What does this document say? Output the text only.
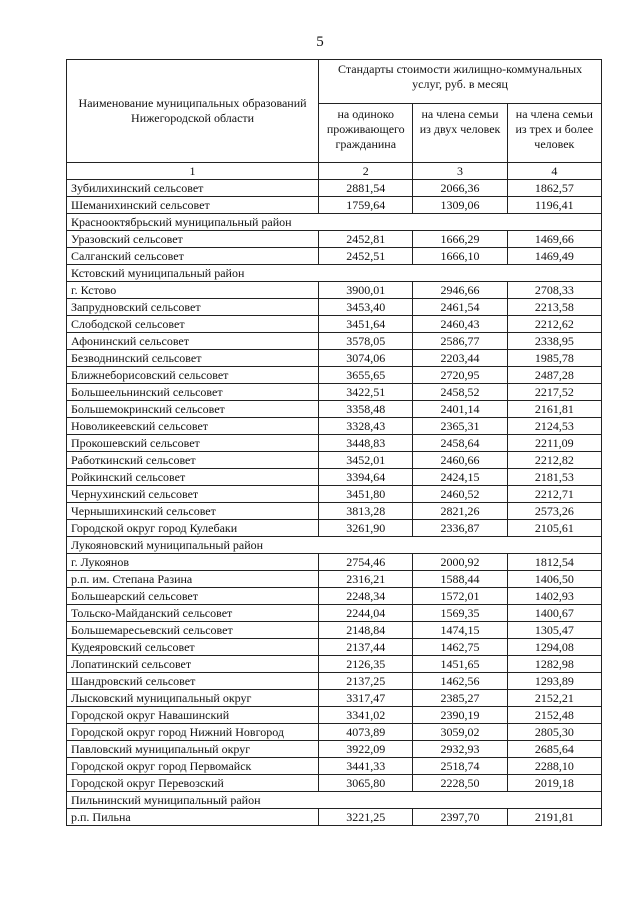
5
Наименование муниципальных образований Нижегородской области	Стандарты стоимости жилищно-коммунальных услуг, руб. в месяц		
	на одиноко проживающего гражданина	на члена семьи из двух человек	на члена семьи из трех и более человек
1	2	3	4
Зубилихинский сельсовет	2881,54	2066,36	1862,57
Шеманихинский сельсовет	1759,64	1309,06	1196,41
Краснооктябрьский муниципальный район			
Уразовский сельсовет	2452,81	1666,29	1469,66
Салганский сельсовет	2452,51	1666,10	1469,49
Кстовский муниципальный район			
г. Кстово	3900,01	2946,66	2708,33
Запрудновский сельсовет	3453,40	2461,54	2213,58
Слободской сельсовет	3451,64	2460,43	2212,62
Афонинский сельсовет	3578,05	2586,77	2338,95
Безводнинский сельсовет	3074,06	2203,44	1985,78
Ближнеборисовский сельсовет	3655,65	2720,95	2487,28
Большеельнинский сельсовет	3422,51	2458,52	2217,52
Большемокринский сельсовет	3358,48	2401,14	2161,81
Новоликеевский сельсовет	3328,43	2365,31	2124,53
Прокошевский сельсовет	3448,83	2458,64	2211,09
Работкинский сельсовет	3452,01	2460,66	2212,82
Ройкинский сельсовет	3394,64	2424,15	2181,53
Чернухинский сельсовет	3451,80	2460,52	2212,71
Чернышихинский сельсовет	3813,28	2821,26	2573,26
Городской округ город Кулебаки	3261,90	2336,87	2105,61
Лукояновский муниципальный район			
г. Лукоянов	2754,46	2000,92	1812,54
р.п. им. Степана Разина	2316,21	1588,44	1406,50
Большеарский сельсовет	2248,34	1572,01	1402,93
Тольско-Майданский сельсовет	2244,04	1569,35	1400,67
Большемаресьевский сельсовет	2148,84	1474,15	1305,47
Кудеяровский сельсовет	2137,44	1462,75	1294,08
Лопатинский сельсовет	2126,35	1451,65	1282,98
Шандровский сельсовет	2137,25	1462,56	1293,89
Лысковский муниципальный округ	3317,47	2385,27	2152,21
Городской округ Навашинский	3341,02	2390,19	2152,48
Городской округ город Нижний Новгород	4073,89	3059,02	2805,30
Павловский муниципальный округ	3922,09	2932,93	2685,64
Городской округ город Первомайск	3441,33	2518,74	2288,10
Городской округ Перевозский	3065,80	2228,50	2019,18
Пильнинский муниципальный район			
р.п. Пильна	3221,25	2397,70	2191,81
